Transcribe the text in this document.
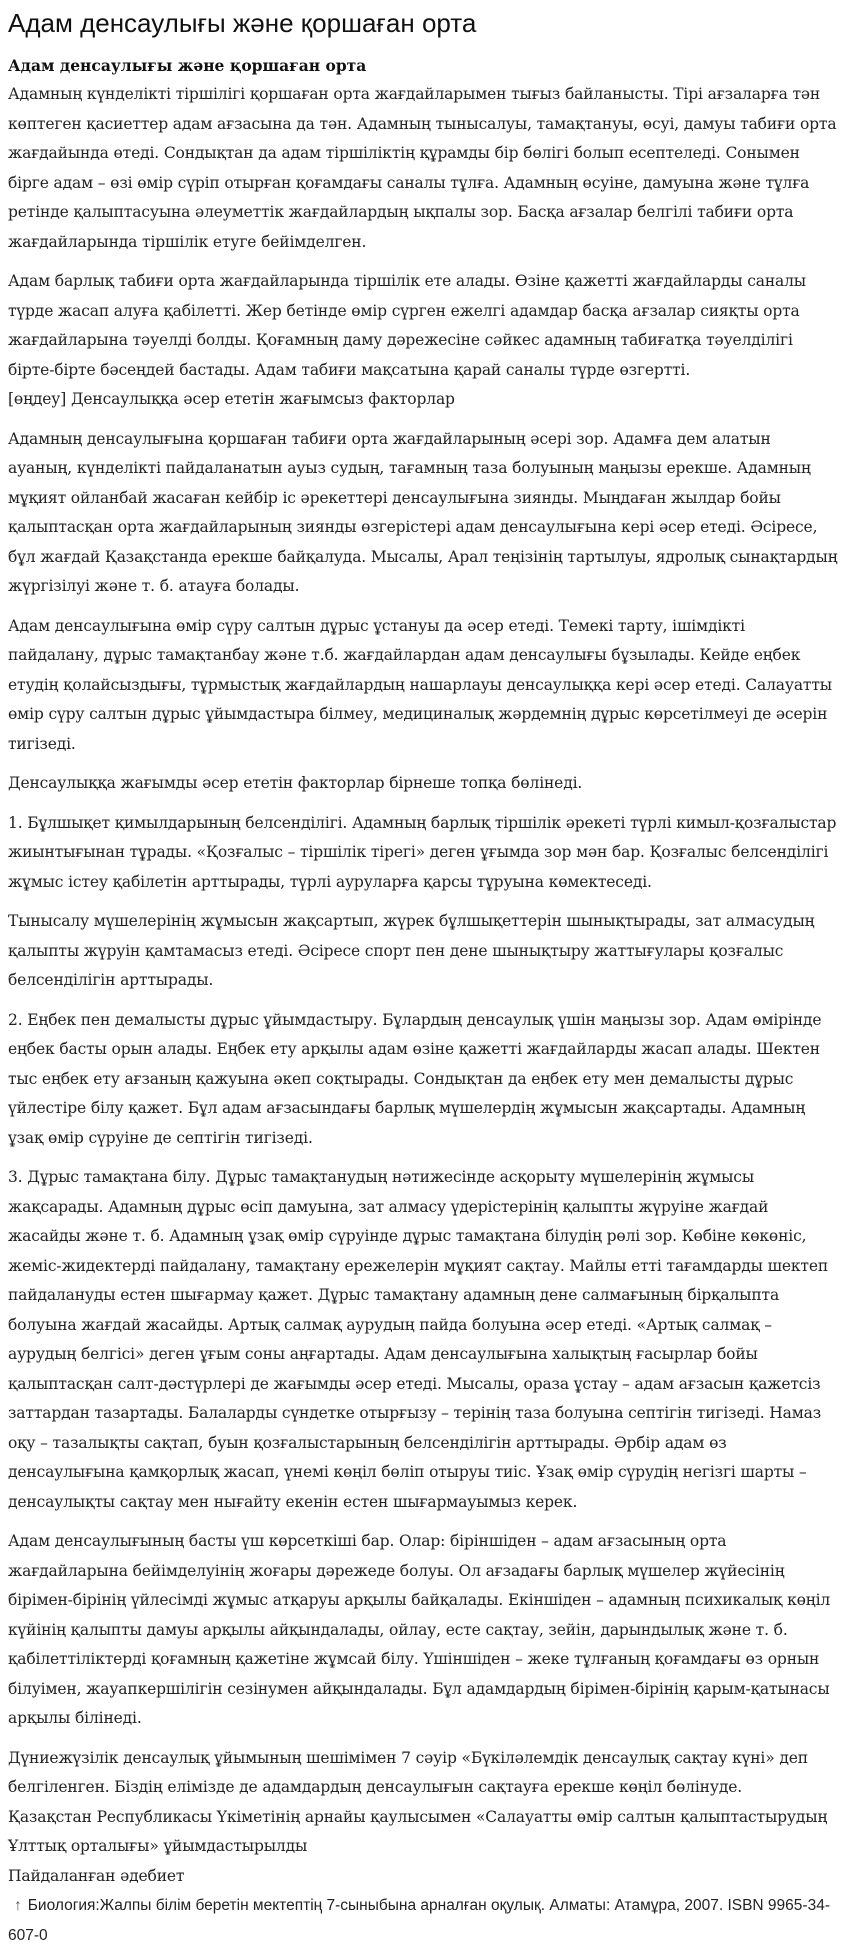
Адам денсаулығы және қоршаған орта
Адам денсаулығы және қоршаған орта

Адамның күнделікті тіршілігі қоршаған орта жағдайларымен тығыз байланысты. Тірі ағзаларға тән көптеген қасиеттер адам ағзасына да тән. Адамның тынысалуы, тамақтануы, өсуі, дамуы табиғи орта жағдайында өтеді. Сондықтан да адам тіршіліктің құрамды бір бөлігі болып есептеледі. Сонымен бірге адам – өзі өмір сүріп отырған қоғамдағы саналы тұлға. Адамның өсуіне, дамуына және тұлға ретінде қалыптасуына әлеуметтік жағдайлардың ықпалы зор. Басқа ағзалар белгілі табиғи орта жағдайларында тіршілік етуге бейімделген.

Адам барлық табиғи орта жағдайларында тіршілік ете алады. Өзіне қажетті жағдайларды саналы түрде жасап алуға қабілетті. Жер бетінде өмір сүрген ежелгі адамдар басқа ағзалар сияқты орта жағдайларына тәуелді болды. Қоғамның даму дәрежесіне сәйкес адамның табиғатқа тәуелділігі бірте-бірте бәсеңдей бастады. Адам табиғи мақсатына қарай саналы түрде өзгертті.

[өңдеу] Денсаулыққа әсер ететін жағымсыз факторлар

Адамның денсаулығына қоршаған табиғи орта жағдайларының әсері зор. Адамға дем алатын ауаның, күнделікті пайдаланатын ауыз судың, тағамның таза болуының маңызы ерекше. Адамның мұқият ойланбай жасаған кейбір іс әрекеттері денсаулығына зиянды. Мыңдаған жылдар бойы қалыптасқан орта жағдайларының зиянды өзгерістері адам денсаулығына кері әсер етеді. Әсіресе, бұл жағдай Қазақстанда ерекше байқалуда. Мысалы, Арал теңізінің тартылуы, ядролық сынақтардың жүргізілуі және т. б. атауға болады.

Адам денсаулығына өмір сүру салтын дұрыс ұстануы да әсер етеді. Темекі тарту, ішімдікті пайдалану, дұрыс тамақтанбау және т.б. жағдайлардан адам денсаулығы бұзылады. Кейде еңбек етудің қолайсыздығы, тұрмыстық жағдайлардың нашарлауы денсаулыққа кері әсер етеді. Салауатты өмір сүру салтын дұрыс ұйымдастыра білмеу, медициналық жәрдемнің дұрыс көрсетілмеуі де әсерін тигізеді.

Денсаулыққа жағымды әсер ететін факторлар бірнеше топқа бөлінеді.

1. Бұлшықет қимылдарының белсенділігі. Адамның барлық тіршілік әрекеті түрлі кимыл-қозғалыстар жиынтығынан тұрады. «Қозғалыс – тіршілік тірегі» деген ұғымда зор мән бар. Қозғалыс белсенділігі жұмыс істеу қабілетін арттырады, түрлі ауруларға қарсы тұруына көмектеседі.

Тынысалу мүшелерінің жұмысын жақсартып, жүрек бұлшықеттерін шынықтырады, зат алмасудың қалыпты жүруін қамтамасыз етеді. Әсіресе спорт пен дене шынықтыру жаттығулары қозғалыс белсенділігін арттырады.

2. Еңбек пен демалысты дұрыс ұйымдастыру. Бұлардың денсаулық үшін маңызы зор. Адам өмірінде еңбек басты орын алады. Еңбек ету арқылы адам өзіне қажетті жағдайларды жасап алады. Шектен тыс еңбек ету ағзаның қажуына әкеп соқтырады. Сондықтан да еңбек ету мен демалысты дұрыс үйлестіре білу қажет. Бұл адам ағзасындағы барлық мүшелердің жұмысын жақсартады. Адамның ұзақ өмір сүруіне де септігін тигізеді.

3. Дұрыс тамақтана білу. Дұрыс тамақтанудың нәтижесінде асқорыту мүшелерінің жұмысы жақсарады. Адамның дұрыс өсіп дамуына, зат алмасу үдерістерінің қалыпты жүруіне жағдай жасайды және т. б. Адамның ұзақ өмір сүруінде дұрыс тамақтана білудің рөлі зор. Көбіне көкөніс, жеміс-жидектерді пайдалану, тамақтану ережелерін мұқият сақтау. Майлы етті тағамдарды шектеп пайдалануды естен шығармау қажет. Дұрыс тамақтану адамның дене салмағының бірқалыпта болуына жағдай жасайды. Артық салмақ аурудың пайда болуына әсер етеді. «Артық салмақ – аурудың белгісі» деген ұғым соны аңғартады. Адам денсаулығына халықтың ғасырлар бойы қалыптасқан салт-дәстүрлері де жағымды әсер етеді. Мысалы, ораза ұстау – адам ағзасын қажетсіз заттардан тазартады. Балаларды сүндетке отырғызу – терінің таза болуына септігін тигізеді. Намаз оқу – тазалықты сақтап, буын қозғалыстарының белсенділігін арттырады. Әрбір адам өз денсаулығына қамқорлық жасап, үнемі көңіл бөліп отыруы тиіс. Ұзақ өмір сүрудің негізгі шарты – денсаулықты сақтау мен нығайту екенін естен шығармауымыз керек.

Адам денсаулығының басты үш көрсеткіші бар. Олар: біріншіден – адам ағзасының орта жағдайларына бейімделуінің жоғары дәрежеде болуы. Ол ағзадағы барлық мүшелер жүйесінің бірімен-бірінің үйлесімді жұмыс атқаруы арқылы байқалады. Екіншіден – адамның психикалық көңіл күйінің қалыпты дамуы арқылы айқындалады, ойлау, есте сақтау, зейін, дарындылық және т. б. қабілеттіліктерді қоғамның қажетіне жұмсай білу. Үшіншіден – жеке тұлғаның қоғамдағы өз орнын білуімен, жауапкершілігін сезінумен айқындалады. Бұл адамдардың бірімен-бірінің қарым-қатынасы арқылы білінеді.

Дүниежүзілік денсаулық ұйымының шешімімен 7 сәуір «Бүкіләлемдік денсаулық сақтау күні» деп белгіленген. Біздің елімізде де адамдардың денсаулығын сақтауға ерекше көңіл бөлінуде.

Қазақстан Республикасы Үкіметінің арнайы қаулысымен «Салауатты өмір салтын қалыптастырудың Ұлттық орталығы» ұйымдастырылды

Пайдаланған әдебиет
↑ Биология:Жалпы білім беретін мектептің 7-сыныбына арналған оқулық. Алматы: Атамұра, 2007. ISBN 9965-34-607-0
